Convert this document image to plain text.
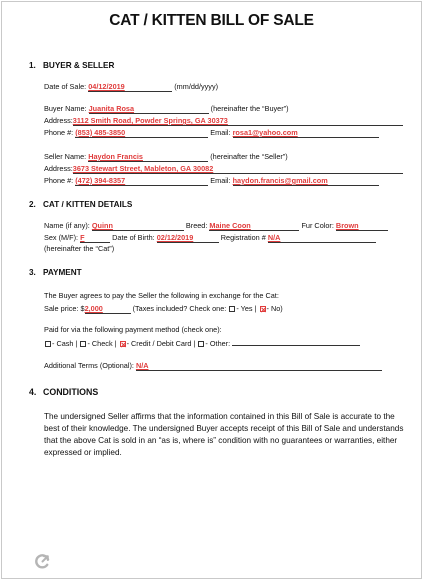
CAT / KITTEN BILL OF SALE
1. BUYER & SELLER
Date of Sale: 04/12/2019	(mm/dd/yyyy)
Buyer Name: Juanita Rosa	(hereinafter the “Buyer”)
Address:3112 Smith Road, Powder Springs, GA 30373
Phone #: (853) 485-3850	Email: rosa1@yahoo.com
Seller Name: Haydon Francis	(hereinafter the “Seller”)
Address:3673 Stewart Street, Mableton, GA 30082
Phone #: (472) 394-8357	Email: haydon.francis@gmail.com
2. CAT / KITTEN DETAILS
Name (if any): Quinn	Breed: Maine Coon	Fur Color: Brown
Sex (M/F): F	Date of Birth: 02/12/2019	Registration # N/A
(hereinafter the “Cat”)
3. PAYMENT
The Buyer agrees to pay the Seller the following in exchange for the Cat:
Sale price: $2,000	(Taxes included? Check one: - Yes | - No)
Paid for via the following payment method (check one):
- Cash | - Check | - Credit / Debit Card | - Other:
Additional Terms (Optional): N/A
4. CONDITIONS
The undersigned Seller affirms that the information contained in this Bill of Sale is accurate to the best of their knowledge. The undersigned Buyer accepts receipt of this Bill of Sale and understands that the above Cat is sold in an “as is, where is” condition with no guarantees or warranties, either expressed or implied.
